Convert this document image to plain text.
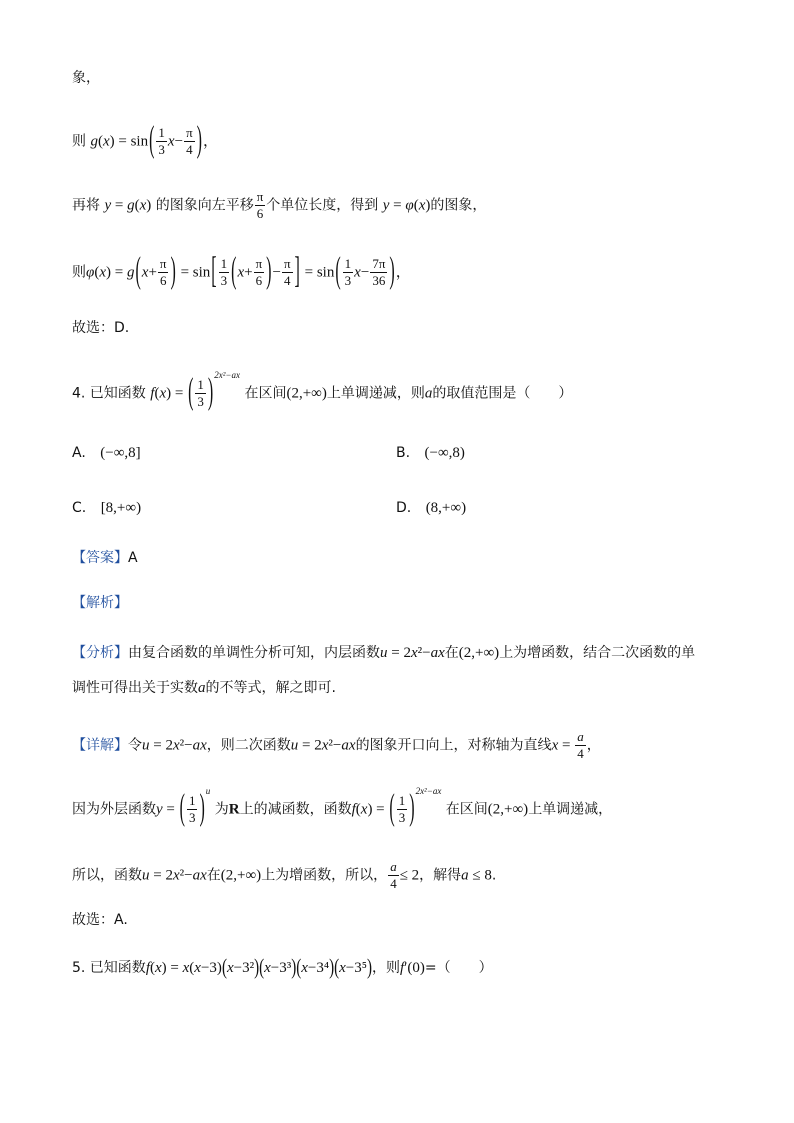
象，
则 $g(x) = \sin( \frac{1}{3} x- \frac{\pi}{4}$ )，
再将 y = g(x) 的图象向左平移 $\frac{\pi}{6}$ 个单位长度，得到 y = φ(x)的图象，
则$\varphi(x) = g(x+ \frac{\pi}{6}$ ) = $\sin[ \frac{1}{3} (x+ \frac{\pi}{6}$ )− $\frac{\pi}{4}$ ] = $\sin( \frac{1}{3} x- \frac{7\pi}{36}$ )，
故选：D.
4. 已知函数 f(x) = ( $\frac{1}{3} )^{2x^2-ax}$ 在区间(2,+∞)上单调递减，则a的取值范围是（　　）
A. (−∞,8]	B. (−∞,8)
C. [8,+∞)	D. (8,+∞)
【答案】A
【解析】
【分析】由复合函数的单调性分析可知，内层函数u = 2x²−ax在(2,+∞)上为增函数，结合二次函数的单
调性可得出关于实数a的不等式，解之即可.
【详解】令u = 2x²−ax，则二次函数u = 2x²−ax的图象开口向上，对称轴为直线$x = \frac{a}{4}$ ，
因为外层函数y = ( $\frac{1}{3} )^u$ 为R上的减函数，函数f(x) = ( $\frac{1}{3} )^{2x^2-ax}$ 在区间(2,+∞)上单调递减，
所以，函数u = 2x²−ax在(2,+∞)上为增函数，所以， $\frac{a}{4} \le 2$，解得a ≤ 8.
故选：A.
5. 已知函数f(x) = x(x−3)(x−3²)(x−3³)(x−3⁴)(x−3⁵)，则f′(0)=（　　）
